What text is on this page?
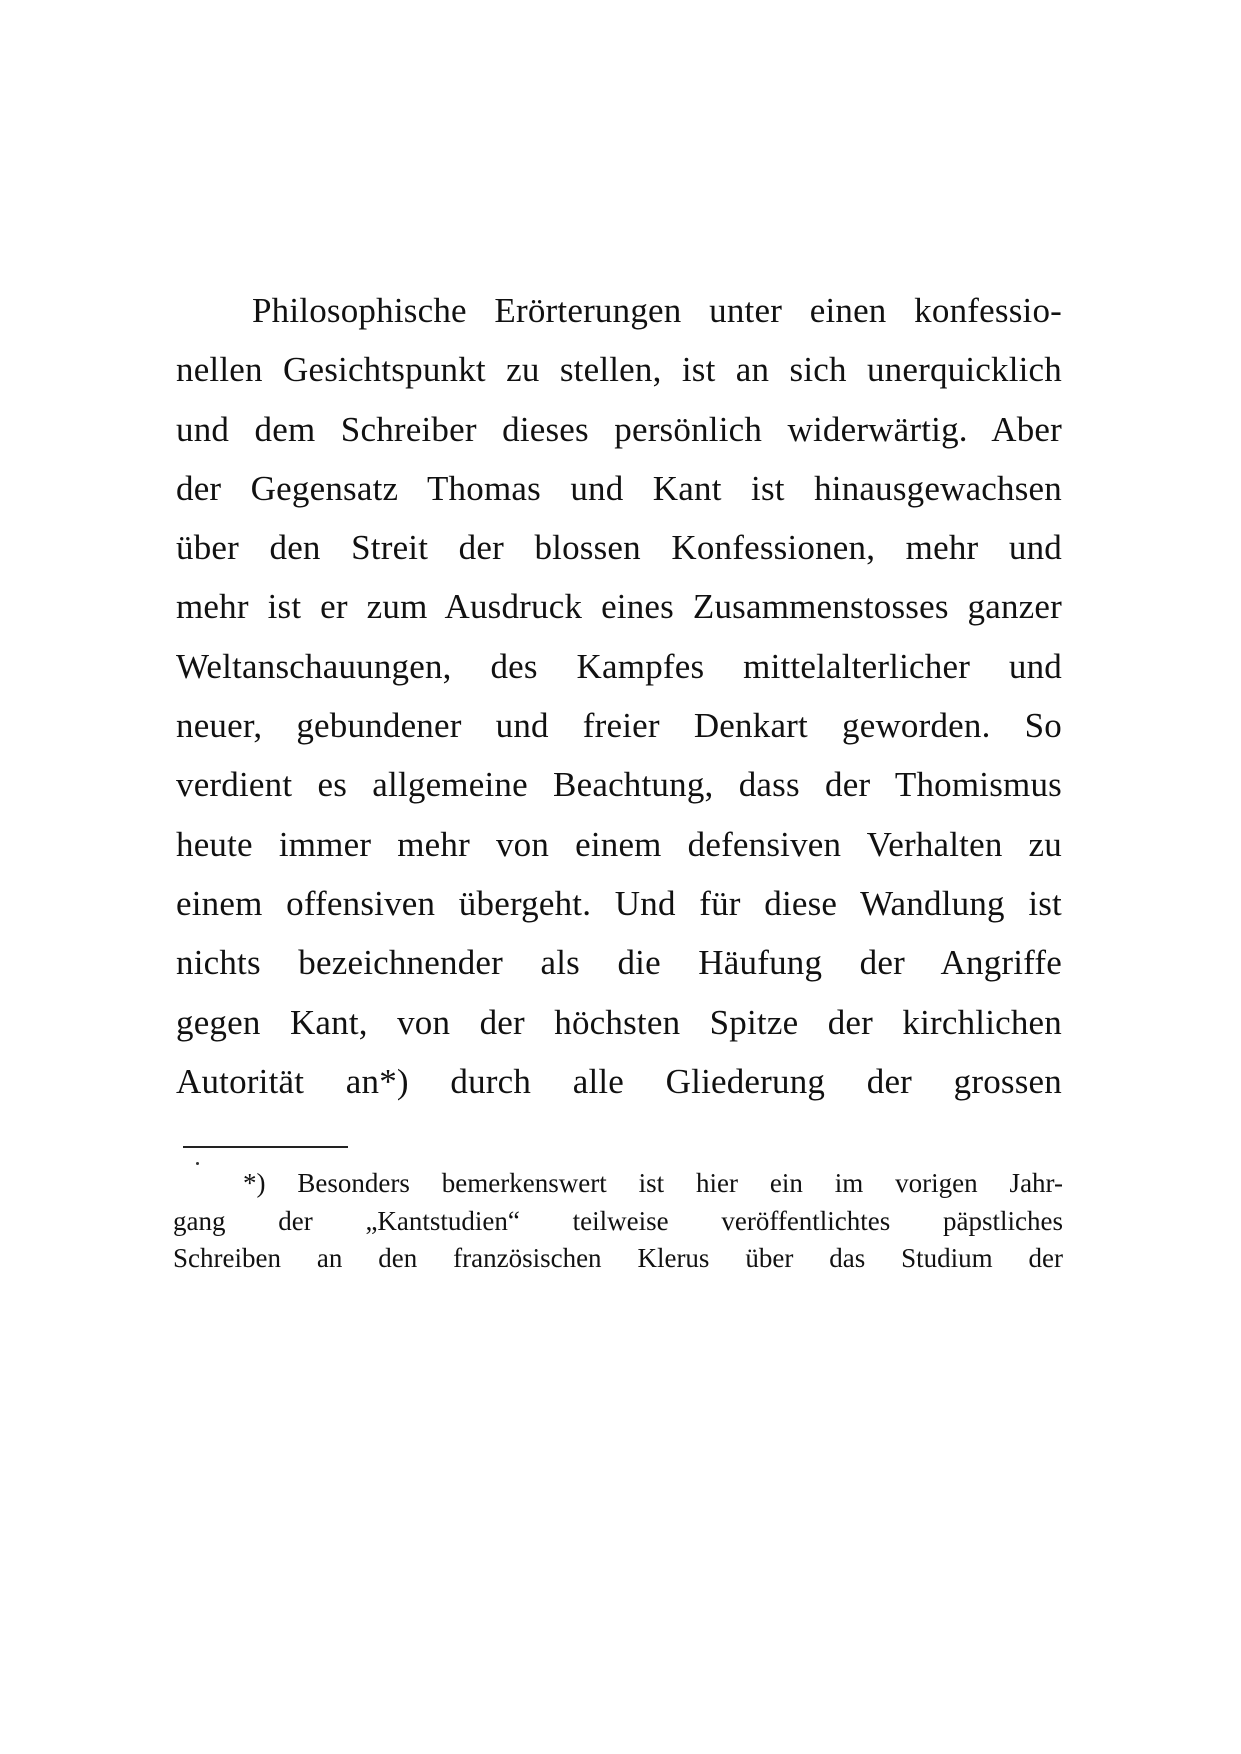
Philosophische Erörterungen unter einen konfessio-
nellen Gesichtspunkt zu stellen, ist an sich unerquicklich
und dem Schreiber dieses persönlich widerwärtig. Aber
der Gegensatz Thomas und Kant ist hinausgewachsen
über den Streit der blossen Konfessionen, mehr und
mehr ist er zum Ausdruck eines Zusammenstosses ganzer
Weltanschauungen, des Kampfes mittelalterlicher und
neuer, gebundener und freier Denkart geworden. So
verdient es allgemeine Beachtung, dass der Thomismus
heute immer mehr von einem defensiven Verhalten zu
einem offensiven übergeht. Und für diese Wandlung ist
nichts bezeichnender als die Häufung der Angriffe
gegen Kant, von der höchsten Spitze der kirchlichen
Autorität an*) durch alle Gliederung der grossen
*) Besonders bemerkenswert ist hier ein im vorigen Jahr-
gang der „Kantstudien“ teilweise veröffentlichtes päpstliches
Schreiben an den französischen Klerus über das Studium der
